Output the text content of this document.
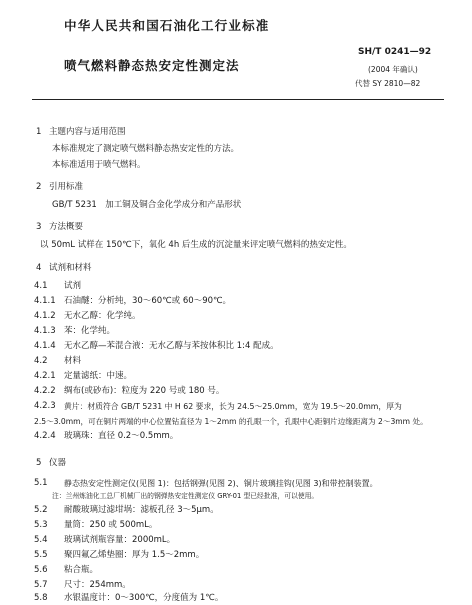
中华人民共和国石油化工行业标准
喷气燃料静态热安定性测定法
SH/T 0241—92
(2004 年确认)
代替 SY 2810—82
1 主题内容与适用范围
本标准规定了测定喷气燃料静态热安定性的方法。
本标准适用于喷气燃料。
2 引用标准
GB/T 5231　加工铜及铜合金化学成分和产品形状
3 方法概要
以 50mL 试样在 150℃下，氧化 4h 后生成的沉淀量来评定喷气燃料的热安定性。
4 试剂和材料
4.1 试剂
4.1.1 石油醚：分析纯，30～60℃或 60～90℃。
4.1.2 无水乙醇：化学纯。
4.1.3 苯：化学纯。
4.1.4 无水乙醇—苯混合液：无水乙醇与苯按体积比 1:4 配成。
4.2 材料
4.2.1 定量滤纸：中速。
4.2.2 绸布(或砂布)：粒度为 220 号或 180 号。
4.2.3 黄片：材质符合 GB/T 5231 中 H 62 要求，长为 24.5～25.0mm，宽为 19.5～20.0mm，厚为
2.5～3.0mm，可在铜片两端的中心位置钻直径为 1～2mm 的孔眼一个，孔眼中心距铜片边缘距离为 2～3mm 处。
4.2.4 玻璃珠：直径 0.2～0.5mm。
5 仪器
5.1 静态热安定性测定仪(见图 1)：包括钢弹(见图 2)、铜片玻璃挂钩(见图 3)和带控制装置。
注：兰州炼油化工总厂机械厂出的钢弹热安定性测定仪 GRY-01 型已经批准，可以使用。
5.2 耐酸玻璃过滤坩埚：滤板孔径 3～5μm。
5.3 量筒：250 或 500mL。
5.4 玻璃试剂瓶容量：2000mL。
5.5 聚四氟乙烯垫圈：厚为 1.5～2mm。
5.6 粘合瓶。
5.7 尺寸：254mm。
5.8 水银温度计：0～300℃，分度值为 1℃。
